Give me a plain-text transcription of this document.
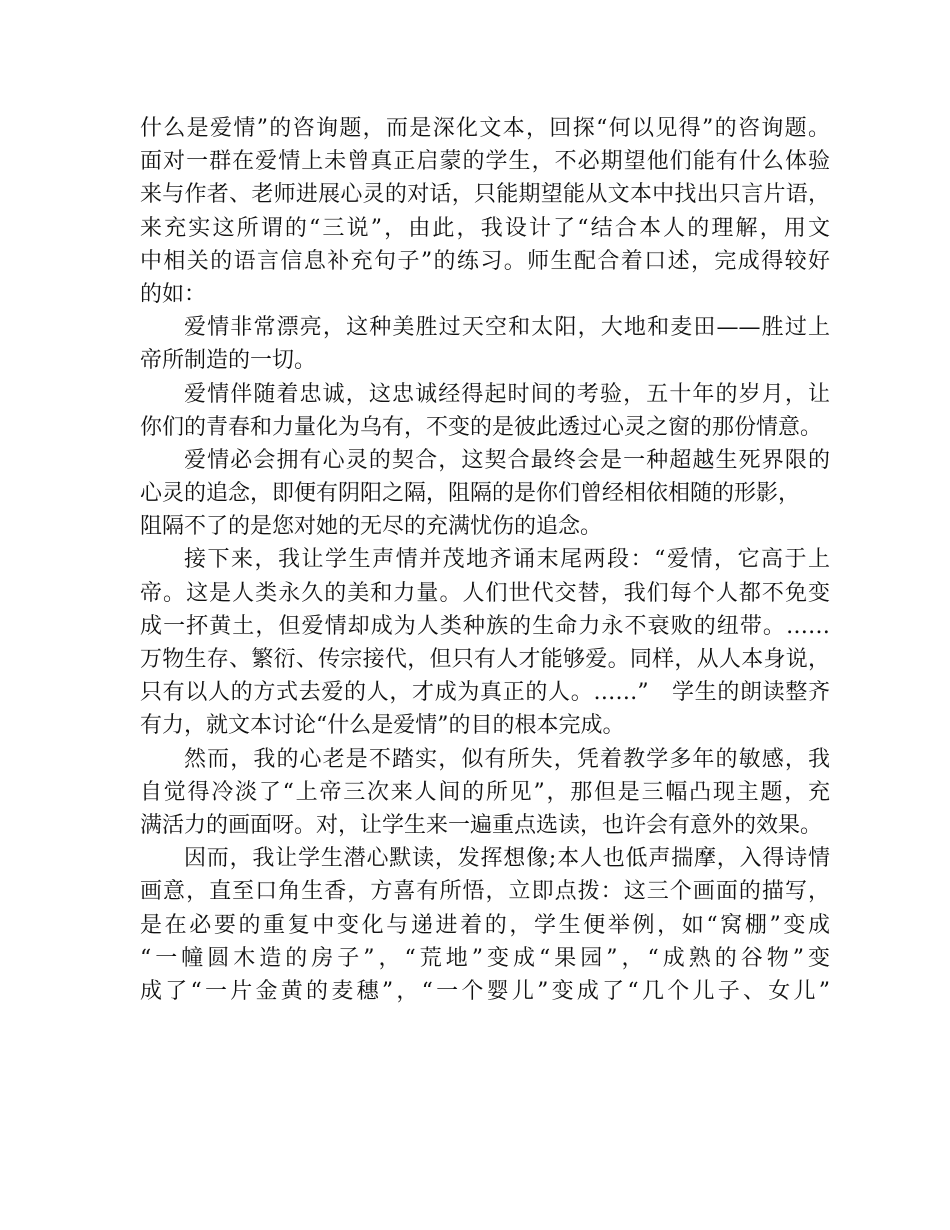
什么是爱情”的咨询题，而是深化文本，回探“何以见得”的咨询题。
面对一群在爱情上未曾真正启蒙的学生，不必期望他们能有什么体验
来与作者、老师进展心灵的对话，只能期望能从文本中找出只言片语，
来充实这所谓的“三说”，由此，我设计了“结合本人的理解，用文
中相关的语言信息补充句子”的练习。师生配合着口述，完成得较好
的如：
爱情非常漂亮，这种美胜过天空和太阳，大地和麦田——胜过上
帝所制造的一切。
爱情伴随着忠诚，这忠诚经得起时间的考验，五十年的岁月，让
你们的青春和力量化为乌有，不变的是彼此透过心灵之窗的那份情意。
爱情必会拥有心灵的契合，这契合最终会是一种超越生死界限的
心灵的追念，即便有阴阳之隔，阻隔的是你们曾经相依相随的形影，
阻隔不了的是您对她的无尽的充满忧伤的追念。
接下来，我让学生声情并茂地齐诵末尾两段：“爱情，它高于上
帝。这是人类永久的美和力量。人们世代交替，我们每个人都不免变
成一抔黄土，但爱情却成为人类种族的生命力永不衰败的纽带。……
万物生存、繁衍、传宗接代，但只有人才能够爱。同样，从人本身说，
只有以人的方式去爱的人，才成为真正的人。……”　学生的朗读整齐
有力，就文本讨论“什么是爱情”的目的根本完成。
然而，我的心老是不踏实，似有所失，凭着教学多年的敏感，我
自觉得冷淡了“上帝三次来人间的所见”，那但是三幅凸现主题，充
满活力的画面呀。对，让学生来一遍重点选读，也许会有意外的效果。
因而，我让学生潜心默读，发挥想像;本人也低声揣摩，入得诗情
画意，直至口角生香，方喜有所悟，立即点拨：这三个画面的描写，
是在必要的重复中变化与递进着的，学生便举例，如“窝棚”变成
“一幢圆木造的房子”，“荒地”变成“果园”，“成熟的谷物”变
成了“一片金黄的麦穗”，“一个婴儿”变成了“几个儿子、女儿”
